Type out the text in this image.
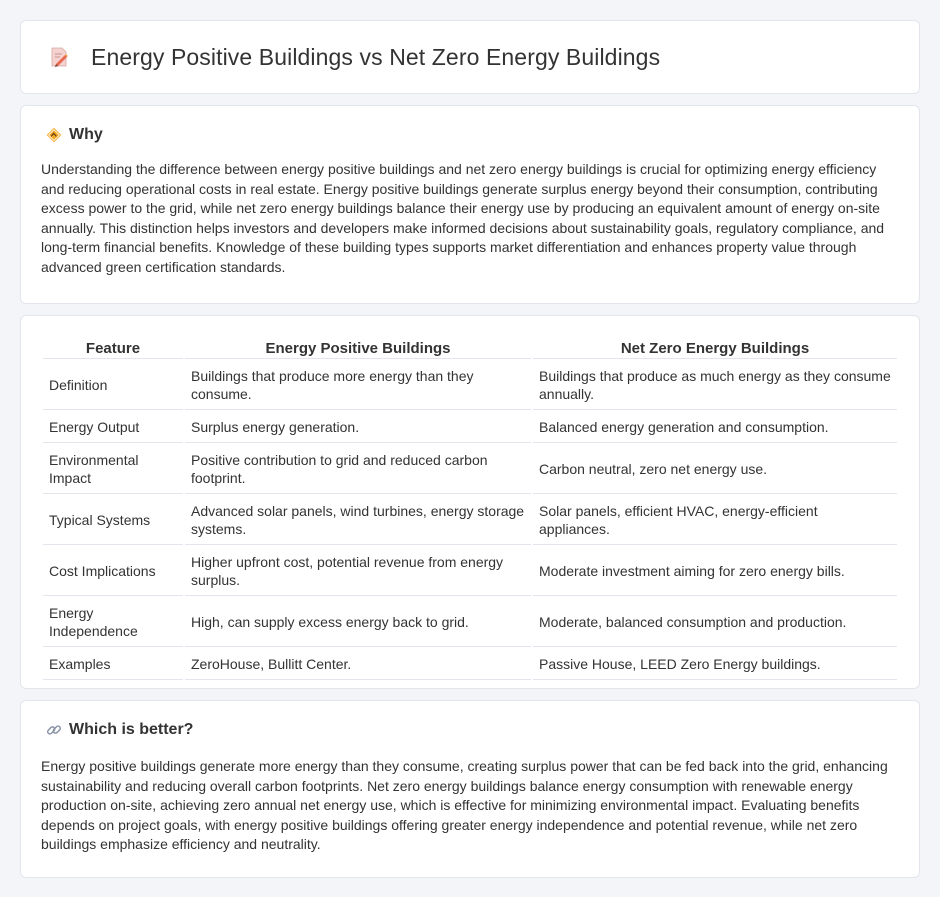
Energy Positive Buildings vs Net Zero Energy Buildings
Why

Understanding the difference between energy positive buildings and net zero energy buildings is crucial for optimizing energy efficiency and reducing operational costs in real estate. Energy positive buildings generate surplus energy beyond their consumption, contributing excess power to the grid, while net zero energy buildings balance their energy use by producing an equivalent amount of energy on-site annually. This distinction helps investors and developers make informed decisions about sustainability goals, regulatory compliance, and long-term financial benefits. Knowledge of these building types supports market differentiation and enhances property value through advanced green certification standards.

Feature	Energy Positive Buildings	Net Zero Energy Buildings
Definition	Buildings that produce more energy than they consume.	Buildings that produce as much energy as they consume annually.
Energy Output	Surplus energy generation.	Balanced energy generation and consumption.
Environmental Impact	Positive contribution to grid and reduced carbon footprint.	Carbon neutral, zero net energy use.
Typical Systems	Advanced solar panels, wind turbines, energy storage systems.	Solar panels, efficient HVAC, energy-efficient appliances.
Cost Implications	Higher upfront cost, potential revenue from energy surplus.	Moderate investment aiming for zero energy bills.
Energy Independence	High, can supply excess energy back to grid.	Moderate, balanced consumption and production.
Examples	ZeroHouse, Bullitt Center.	Passive House, LEED Zero Energy buildings.
Which is better?

Energy positive buildings generate more energy than they consume, creating surplus power that can be fed back into the grid, enhancing sustainability and reducing overall carbon footprints. Net zero energy buildings balance energy consumption with renewable energy production on-site, achieving zero annual net energy use, which is effective for minimizing environmental impact. Evaluating benefits depends on project goals, with energy positive buildings offering greater energy independence and potential revenue, while net zero buildings emphasize efficiency and neutrality.
